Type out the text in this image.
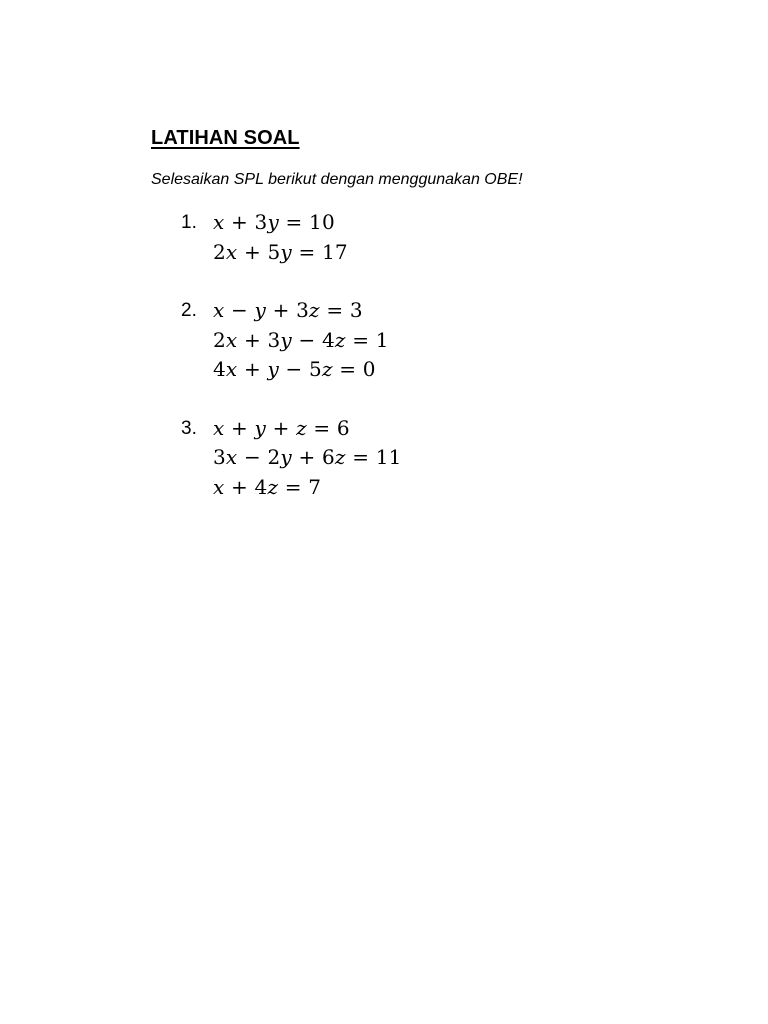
LATIHAN SOAL
Selesaikan SPL berikut dengan menggunakan OBE!
1. 𝑥 + 3𝑦 = 10
2𝑥 + 5𝑦 = 17
2. 𝑥 − 𝑦 + 3𝑧 = 3
2𝑥 + 3𝑦 − 4𝑧 = 1
4𝑥 + 𝑦 − 5𝑧 = 0
3. 𝑥 + 𝑦 + 𝑧 = 6
3𝑥 − 2𝑦 + 6𝑧 = 11
𝑥 + 4𝑧 = 7
